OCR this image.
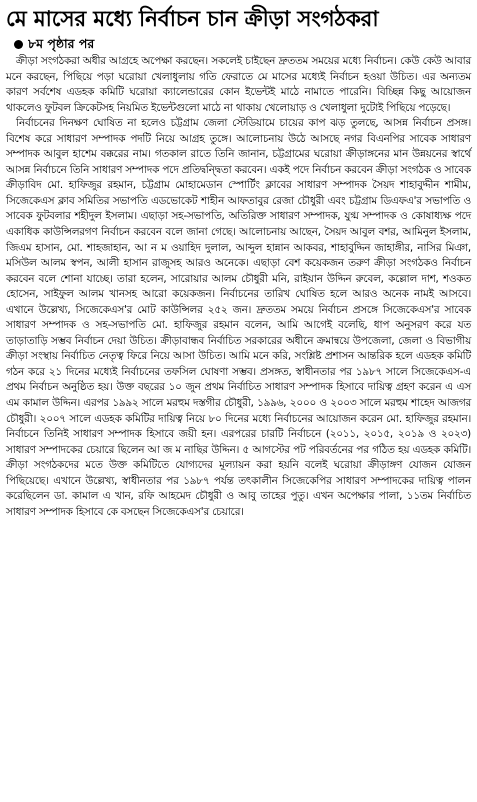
মে মাসের মধ্যে নির্বাচন চান ক্রীড়া সংগঠকরা
৮ম পৃষ্ঠার পর

ক্রীড়া সংগঠকরা অধীর আগ্রহে অপেক্ষা করছেন। সকলেই চাইছেন দ্রুততম সময়ের মধ্যে নির্বাচন। কেউ কেউ আবার মনে করছেন, পিছিয়ে পড়া ঘরোয়া খেলাধুলায় গতি ফেরাতে মে মাসের মধ্যেই নির্বাচন হওয়া উচিত। এর অন্যতম কারণ সর্বশেষ এডহক কমিটি ঘরোয়া ক্যালেন্ডারের কোন ইভেন্টই মাঠে নামাতে পারেনি। বিচ্ছিন্ন কিছু আয়োজন থাকলেও ফুটবল ক্রিকেটসহ নিয়মিত ইভেন্টগুলো মাঠে না থাকায় খেলোয়াড় ও খেলাধুলা দুটোই পিছিয়ে পড়েছে।

নির্বাচনের দিনক্ষণ ঘোষিত না হলেও চট্টগ্রাম জেলা স্টেডিয়ামে চায়ের কাপ ঝড় তুলছে, আসন্ন নির্বাচন প্রসঙ্গ। বিশেষ করে সাধারণ সম্পাদক পদটি নিয়ে আগ্রহ তুঙ্গে। আলোচনায় উঠে আসছে নগর বিএনপির সাবেক সাধারণ সম্পাদক আবুল হাশেম বক্করের নাম। গতকাল রাতে তিনি জানান, চট্টগ্রামের ঘরোয়া ক্রীড়াঙ্গনের মান উন্নয়নের স্বার্থে আসন্ন নির্বাচনে তিনি সাধারণ সম্পাদক পদে প্রতিদ্বন্দ্বিতা করবেন। একই পদে নির্বাচন করবেন ক্রীড়া সংগঠক ও সাবেক ক্রীড়াবিদ মো. হাফিজুর রহমান, চট্টগ্রাম মোহামেডান স্পোর্টিং ক্লাবের সাধারণ সম্পাদক সৈয়দ শাহাবুদ্দীন শামীম, সিজেকেএস ক্লাব সমিতির সভাপতি এডভোকেট শাহীন আফতাবুর রেজা চৌধুরী এবং চট্টগ্রাম ডিএফএ'র সভাপতি ও সাবেক ফুটবলার শহীদুল ইসলাম। এছাড়া সহ-সভাপতি, অতিরিক্ত সাধারণ সম্পাদক, যুগ্ম সম্পাদক ও কোষাধ্যক্ষ পদে একাধিক কাউন্সিলরগণ নির্বাচন করবেন বলে জানা গেছে। আলোচনায় আছেন, সৈয়দ আবুল বশর, আমিনুল ইসলাম, জিএম হাসান, মো. শাহজাহান, আ ন ম ওয়াহিদ দুলাল, আব্দুল হান্নান আকবর, শাহাবুদ্দিন জাহাঙ্গীর, নাসির মিঞা, মসিউল আলম স্বপন, আলী হাসান রাজুসহ আরও অনেকে। এছাড়া বেশ কয়েকজন তরুণ ক্রীড়া সংগঠকও নির্বাচন করবেন বলে শোনা যাচ্ছে। তারা হলেন, সারোয়ার আলম চৌধুরী মনি, রাইয়ান উদ্দিন রুবেল, কল্লোল দাশ, শওকত হোসেন, সাইফুল আলম খানসহ আরো কয়েকজন। নির্বাচনের তারিখ ঘোষিত হলে আরও অনেক নামই আসবে। এখানে উল্লেখ্য, সিজেকেএস'র মোট কাউন্সিলর ২৫২ জন। দ্রুততম সময়ে নির্বাচন প্রসঙ্গে সিজেকেএস'র সাবেক সাধারণ সম্পাদক ও সহ-সভাপতি মো. হাফিজুর রহমান বলেন, আমি আগেই বলেছি, ধাপ অনুসরণ করে যত তাড়াতাড়ি সম্ভব নির্বাচন দেয়া উচিত। ক্রীড়াবান্ধব নির্বাচিত সরকারের অধীনে ক্রমান্বয়ে উপজেলা, জেলা ও বিভাগীয় ক্রীড়া সংস্থায় নির্বাচিত নেতৃত্ব ফিরে নিয়ে আসা উচিত। আমি মনে করি, সংশ্লিষ্ট প্রশাসন আন্তরিক হলে এডহক কমিটি গঠন করে ২১ দিনের মধ্যেই নির্বাচনের তফসিল ঘোষণা সম্ভব। প্রসঙ্গত, স্বাধীনতার পর ১৯৮৭ সালে সিজেকেএস-এ প্রথম নির্বাচন অনুষ্ঠিত হয়। উক্ত বছরের ১০ জুন প্রথম নির্বাচিত সাধারণ সম্পাদক হিসাবে দায়িত্ব গ্রহণ করেন এ এস এম কামাল উদ্দিন। এরপর ১৯৯২ সালে মরহুম দস্তগীর চৌধুরী, ১৯৯৬, ২০০০ ও ২০০৩ সালে মরহুম শাহেদ আজগর চৌধুরী। ২০০৭ সালে এডহক কমিটির দায়িত্ব নিয়ে ৮০ দিনের মধ্যে নির্বাচনের আয়োজন করেন মো. হাফিজুর রহমান। নির্বাচনে তিনিই সাধারণ সম্পাদক হিসাবে জয়ী হন। এরপরের চারটি নির্বাচনে (২০১১, ২০১৫, ২০১৯ ও ২০২৩) সাধারণ সম্পাদকের চেয়ারে ছিলেন আ জ ম নাছির উদ্দিন। ৫ আগস্টের পট পরিবর্তনের পর গঠিত হয় এডহক কমিটি। ক্রীড়া সংগঠকদের মতে উক্ত কমিটিতে যোগ্যদের মূল্যায়ন করা হয়নি বলেই ঘরোয়া ক্রীড়াঙ্গণ যোজন যোজন পিছিয়েছে। এখানে উল্লেখ্য, স্বাধীনতার পর ১৯৮৭ পর্যন্ত তৎকালীন সিজেকেপির সাধারণ সম্পাদকের দায়িত্ব পালন করেছিলেন ডা. কামাল এ খান, রফি আহমেদ চৌধুরী ও আবু তাহের পুতু। এখন অপেক্ষার পালা, ১১তম নির্বাচিত সাধারণ সম্পাদক হিসাবে কে বসছেন সিজেকেএস'র চেয়ারে।
